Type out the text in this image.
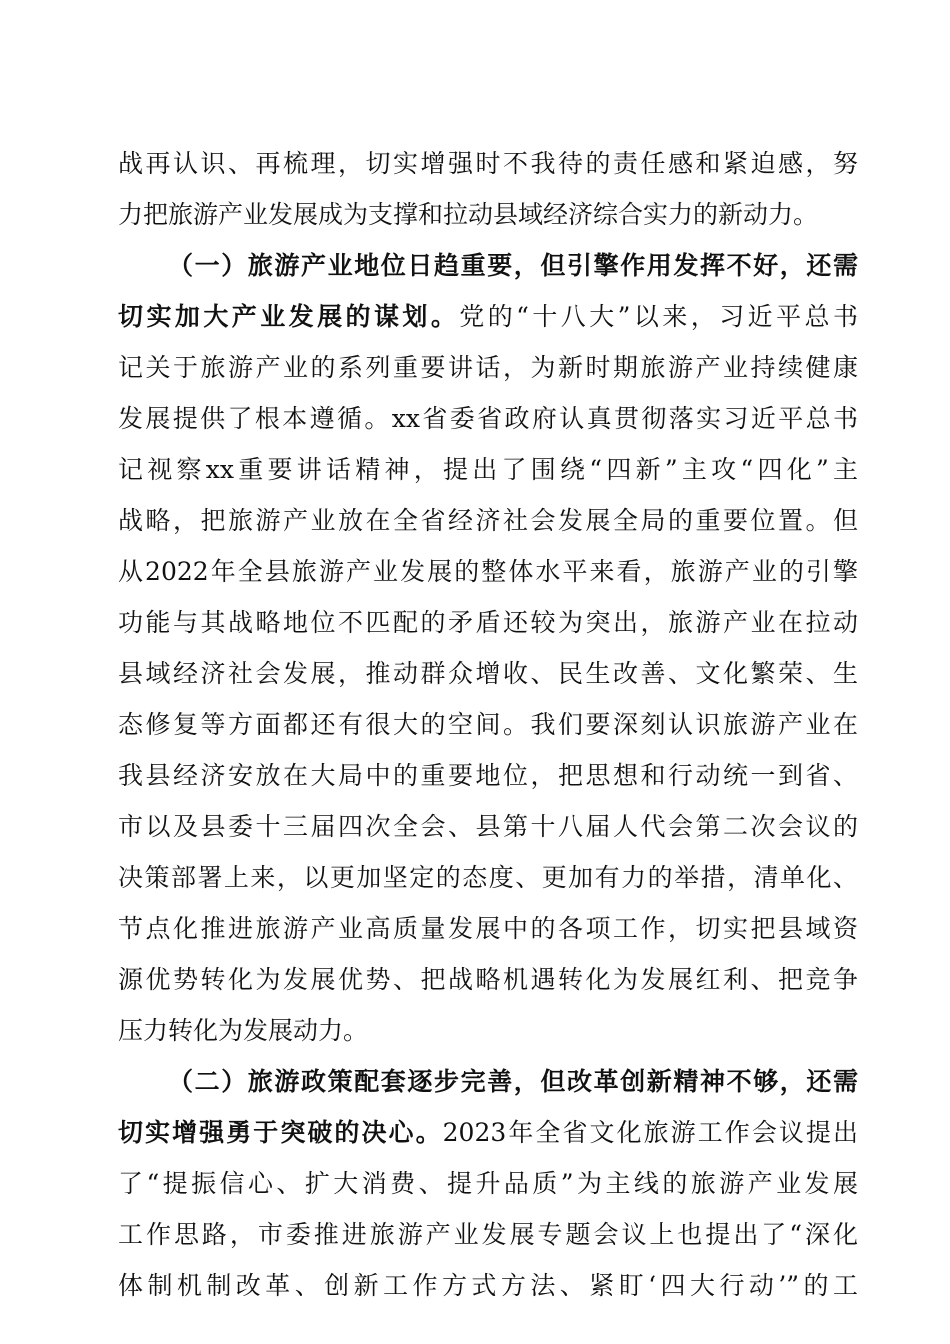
战再认识、再梳理，切实增强时不我待的责任感和紧迫感，努
力把旅游产业发展成为支撑和拉动县域经济综合实力的新动力。
（一）旅游产业地位日趋重要，但引擎作用发挥不好，还需
切实加大产业发展的谋划。党的“十八大”以来，习近平总书
记关于旅游产业的系列重要讲话，为新时期旅游产业持续健康
发展提供了根本遵循。xx省委省政府认真贯彻落实习近平总书
记视察xx重要讲话精神，提出了围绕“四新”主攻“四化”主
战略，把旅游产业放在全省经济社会发展全局的重要位置。但
从2022年全县旅游产业发展的整体水平来看，旅游产业的引擎
功能与其战略地位不匹配的矛盾还较为突出，旅游产业在拉动
县域经济社会发展，推动群众增收、民生改善、文化繁荣、生
态修复等方面都还有很大的空间。我们要深刻认识旅游产业在
我县经济安放在大局中的重要地位，把思想和行动统一到省、
市以及县委十三届四次全会、县第十八届人代会第二次会议的
决策部署上来，以更加坚定的态度、更加有力的举措，清单化、
节点化推进旅游产业高质量发展中的各项工作，切实把县域资
源优势转化为发展优势、把战略机遇转化为发展红利、把竞争
压力转化为发展动力。
（二）旅游政策配套逐步完善，但改革创新精神不够，还需
切实增强勇于突破的决心。2023年全省文化旅游工作会议提出
了“提振信心、扩大消费、提升品质”为主线的旅游产业发展
工作思路，市委推进旅游产业发展专题会议上也提出了“深化
体制机制改革、创新工作方式方法、紧盯‘四大行动’”的工
